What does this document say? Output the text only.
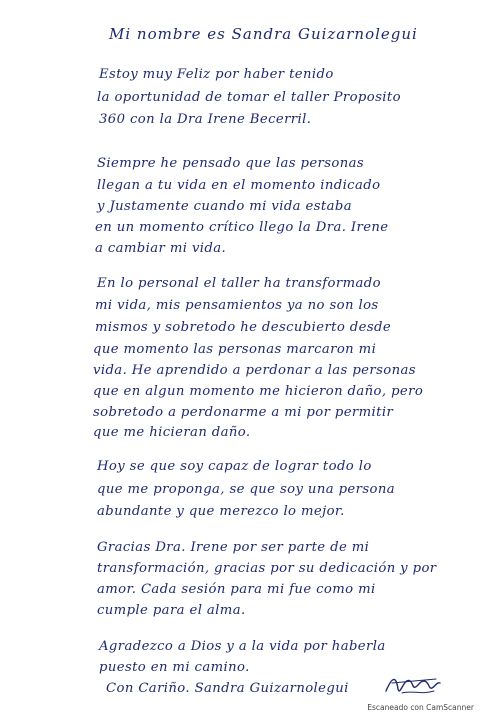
Mi nombre es Sandra Guizarnolegui
Estoy muy Feliz por haber tenido
la oportunidad de tomar el taller Proposito
360 con la Dra Irene Becerril.
Siempre he pensado que las personas
llegan a tu vida en el momento indicado
y Justamente cuando mi vida estaba
en un momento crítico llego la Dra. Irene
a cambiar mi vida.
En lo personal el taller ha transformado
mi vida, mis pensamientos ya no son los
mismos y sobretodo he descubierto desde
que momento las personas marcaron mi
vida. He aprendido a perdonar a las personas
que en algun momento me hicieron daño, pero
sobretodo a perdonarme a mi por permitir
que me hicieran daño.
Hoy se que soy capaz de lograr todo lo
que me proponga, se que soy una persona
abundante y que merezco lo mejor.
Gracias Dra. Irene por ser parte de mi
transformación, gracias por su dedicación y por
amor. Cada sesión para mi fue como mi
cumple para el alma.
Agradezco a Dios y a la vida por haberla
puesto en mi camino.
Con Cariño. Sandra Guizarnolegui
Escaneado con CamScanner
